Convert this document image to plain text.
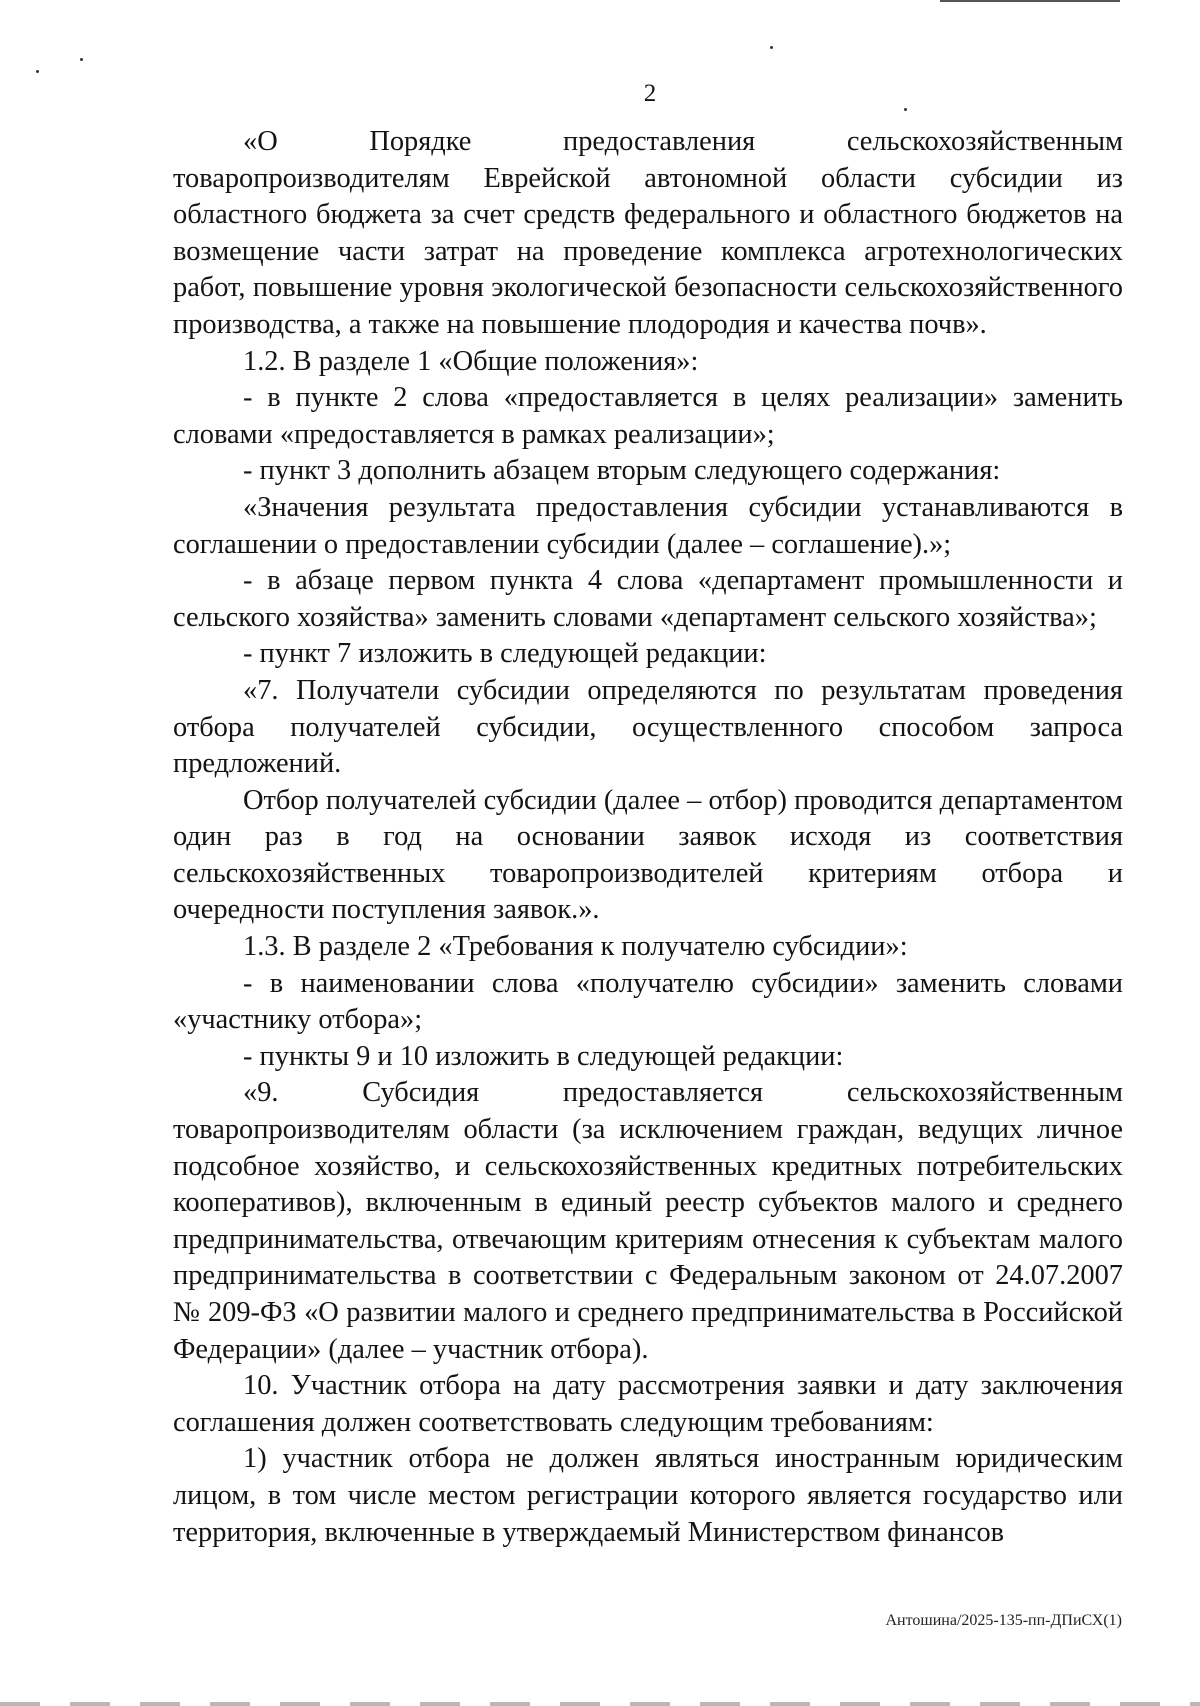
2

«О Порядке предоставления сельскохозяйственным товаропроизводителям Еврейской автономной области субсидии из областного бюджета за счет средств федерального и областного бюджетов на возмещение части затрат на проведение комплекса агротехнологических работ, повышение уровня экологической безопасности сельскохозяйственного производства, а также на повышение плодородия и качества почв».

1.2. В разделе 1 «Общие положения»:

- в пункте 2 слова «предоставляется в целях реализации» заменить словами «предоставляется в рамках реализации»;

- пункт 3 дополнить абзацем вторым следующего содержания:

«Значения результата предоставления субсидии устанавливаются в соглашении о предоставлении субсидии (далее – соглашение).»;

- в абзаце первом пункта 4 слова «департамент промышленности и сельского хозяйства» заменить словами «департамент сельского хозяйства»;

- пункт 7 изложить в следующей редакции:

«7. Получатели субсидии определяются по результатам проведения отбора получателей субсидии, осуществленного способом запроса предложений.

Отбор получателей субсидии (далее – отбор) проводится департаментом один раз в год на основании заявок исходя из соответствия сельскохозяйственных товаропроизводителей критериям отбора и очередности поступления заявок.».

1.3. В разделе 2 «Требования к получателю субсидии»:

- в наименовании слова «получателю субсидии» заменить словами «участнику отбора»;

- пункты 9 и 10 изложить в следующей редакции:

«9. Субсидия предоставляется сельскохозяйственным товаропроизводителям области (за исключением граждан, ведущих личное подсобное хозяйство, и сельскохозяйственных кредитных потребительских кооперативов), включенным в единый реестр субъектов малого и среднего предпринимательства, отвечающим критериям отнесения к субъектам малого предпринимательства в соответствии с Федеральным законом от 24.07.2007 № 209-ФЗ «О развитии малого и среднего предпринимательства в Российской Федерации» (далее – участник отбора).

10. Участник отбора на дату рассмотрения заявки и дату заключения соглашения должен соответствовать следующим требованиям:

1) участник отбора не должен являться иностранным юридическим лицом, в том числе местом регистрации которого является государство или территория, включенные в утверждаемый Министерством финансов

Антошина/2025-135-пп-ДПиСХ(1)
